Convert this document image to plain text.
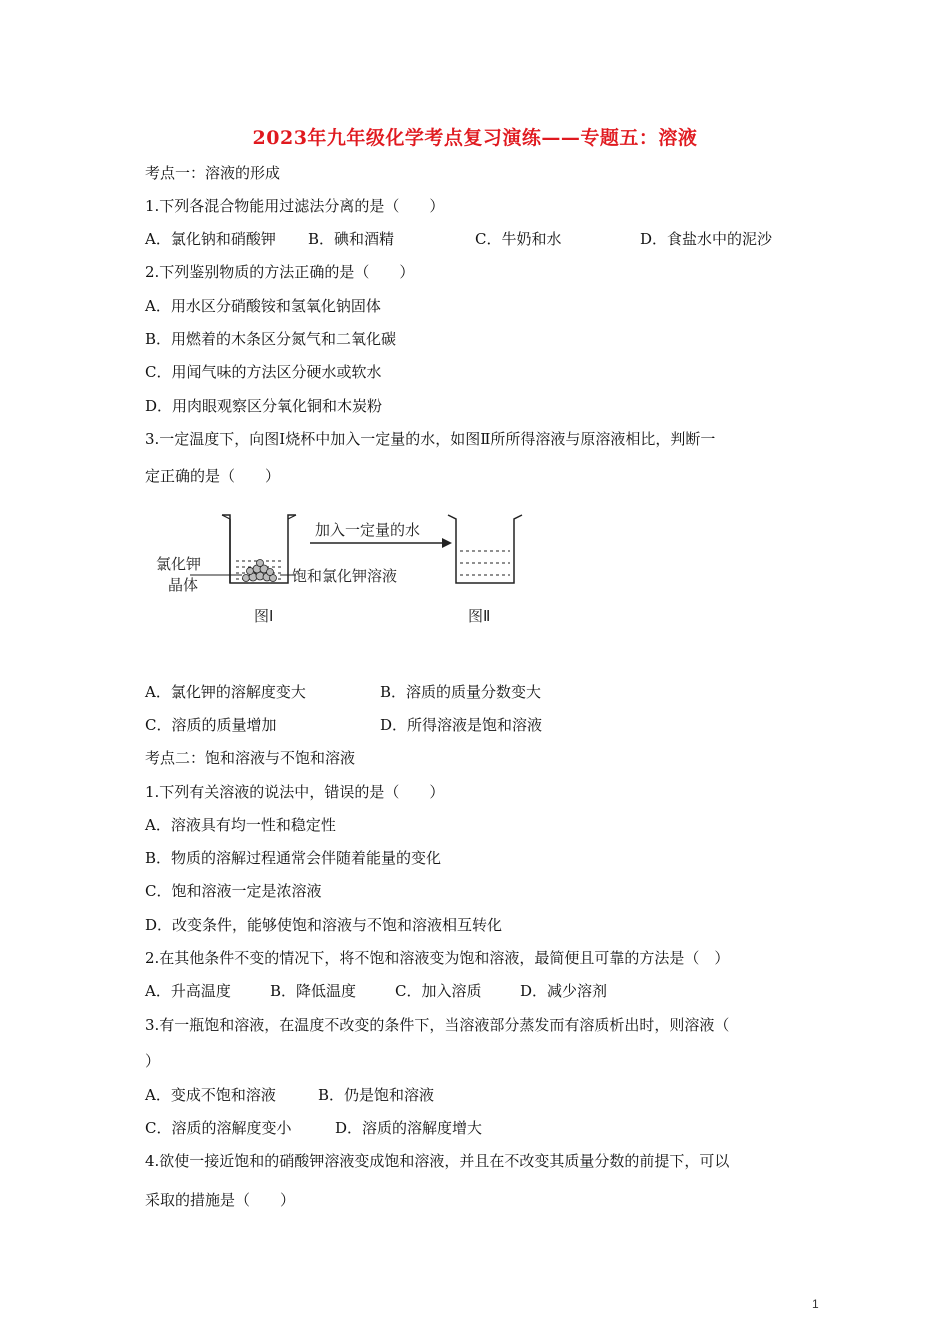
2023年九年级化学考点复习演练——专题五：溶液
考点一：溶液的形成
1.下列各混合物能用过滤法分离的是（　　）
A．氯化钠和硝酸钾 B．碘和酒精	C．牛奶和水	D．食盐水中的泥沙
2.下列鉴别物质的方法正确的是（　　）
A．用水区分硝酸铵和氢氧化钠固体
B．用燃着的木条区分氮气和二氧化碳
C．用闻气味的方法区分硬水或软水
D．用肉眼观察区分氧化铜和木炭粉
3.一定温度下，向图Ⅰ烧杯中加入一定量的水，如图Ⅱ所所得溶液与原溶液相比，判断一
定正确的是（　　）
加入一定量的水
氯化钾
晶体	饱和氯化钾溶液
图Ⅰ	图Ⅱ
A．氯化钾的溶解度变大	B．溶质的质量分数变大
C．溶质的质量增加	D．所得溶液是饱和溶液
考点二：饱和溶液与不饱和溶液
1.下列有关溶液的说法中，错误的是（　　）
A．溶液具有均一性和稳定性
B．物质的溶解过程通常会伴随着能量的变化
C．饱和溶液一定是浓溶液
D．改变条件，能够使饱和溶液与不饱和溶液相互转化
2.在其他条件不变的情况下，将不饱和溶液变为饱和溶液，最简便且可靠的方法是（　）
A．升高温度	B．降低温度	C．加入溶质	D．减少溶剂
3.有一瓶饱和溶液，在温度不改变的条件下，当溶液部分蒸发而有溶质析出时，则溶液（
）
A．变成不饱和溶液	B．仍是饱和溶液
C．溶质的溶解度变小	D．溶质的溶解度增大
4.欲使一接近饱和的硝酸钾溶液变成饱和溶液，并且在不改变其质量分数的前提下，可以
采取的措施是（　　）
1
